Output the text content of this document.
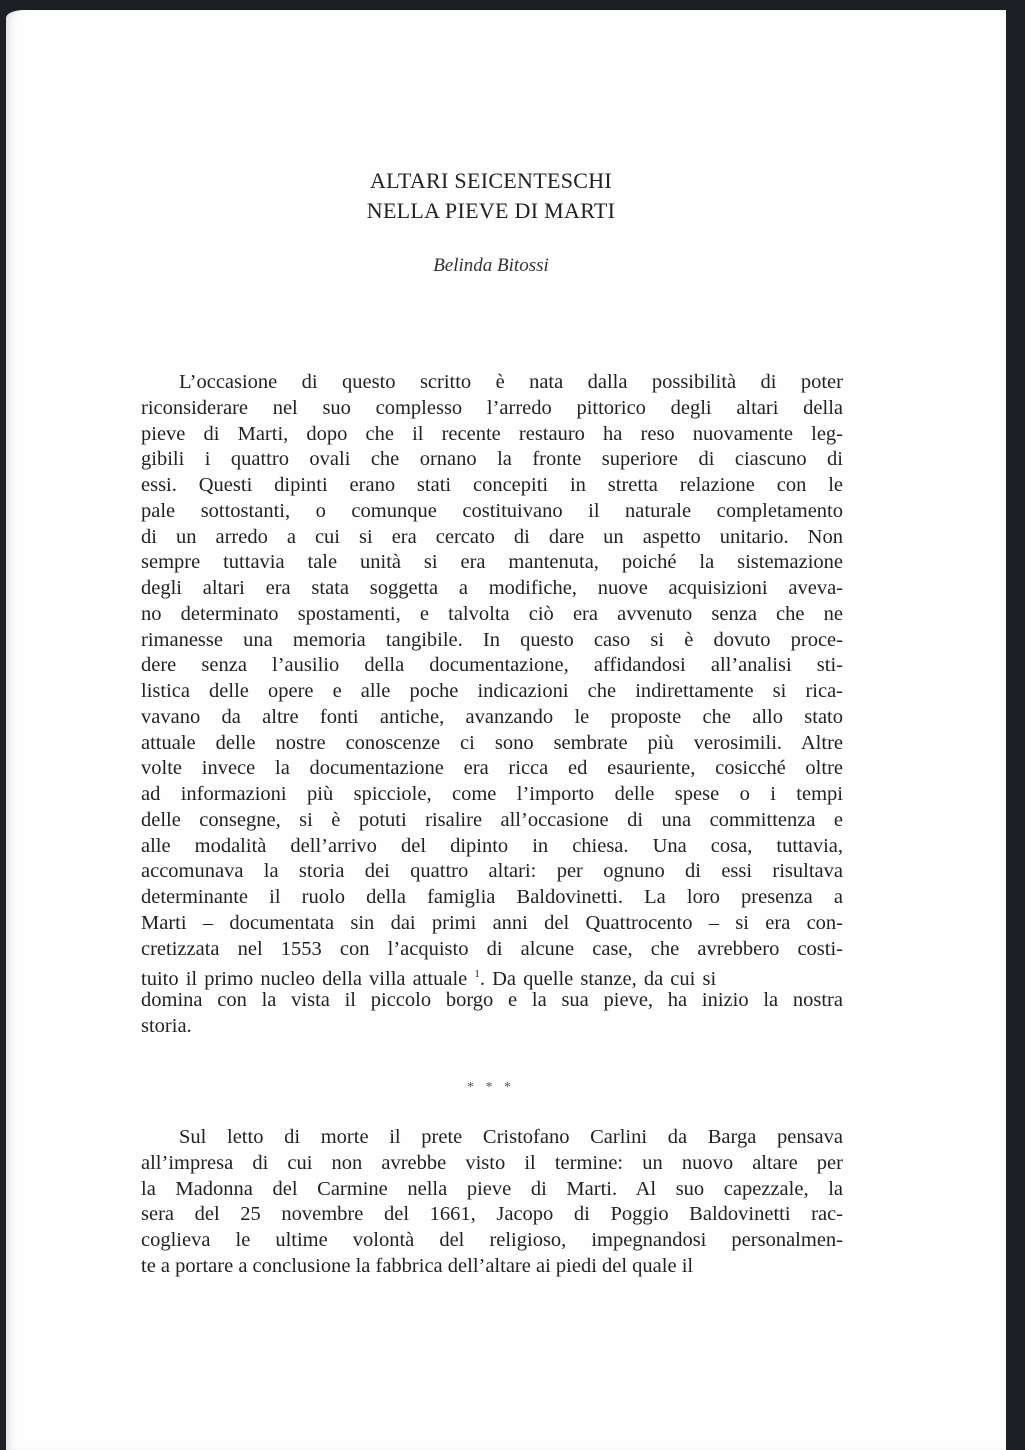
ALTARI SEICENTESCHI
NELLA PIEVE DI MARTI
Belinda Bitossi
L’occasione di questo scritto è nata dalla possibilità di poter
riconsiderare nel suo complesso l’arredo pittorico degli altari della
pieve di Marti, dopo che il recente restauro ha reso nuovamente leg-
gibili i quattro ovali che ornano la fronte superiore di ciascuno di
essi. Questi dipinti erano stati concepiti in stretta relazione con le
pale sottostanti, o comunque costituivano il naturale completamento
di un arredo a cui si era cercato di dare un aspetto unitario. Non
sempre tuttavia tale unità si era mantenuta, poiché la sistemazione
degli altari era stata soggetta a modifiche, nuove acquisizioni aveva-
no determinato spostamenti, e talvolta ciò era avvenuto senza che ne
rimanesse una memoria tangibile. In questo caso si è dovuto proce-
dere senza l’ausilio della documentazione, affidandosi all’analisi sti-
listica delle opere e alle poche indicazioni che indirettamente si rica-
vavano da altre fonti antiche, avanzando le proposte che allo stato
attuale delle nostre conoscenze ci sono sembrate più verosimili. Altre
volte invece la documentazione era ricca ed esauriente, cosicché oltre
ad informazioni più spicciole, come l’importo delle spese o i tempi
delle consegne, si è potuti risalire all’occasione di una committenza e
alle modalità dell’arrivo del dipinto in chiesa. Una cosa, tuttavia,
accomunava la storia dei quattro altari: per ognuno di essi risultava
determinante il ruolo della famiglia Baldovinetti. La loro presenza a
Marti – documentata sin dai primi anni del Quattrocento – si era con-
cretizzata nel 1553 con l’acquisto di alcune case, che avrebbero costi-
tuito il primo nucleo della villa attuale $^1$. Da quelle stanze, da cui si
domina con la vista il piccolo borgo e la sua pieve, ha inizio la nostra
storia.
* * *
Sul letto di morte il prete Cristofano Carlini da Barga pensava
all’impresa di cui non avrebbe visto il termine: un nuovo altare per
la Madonna del Carmine nella pieve di Marti. Al suo capezzale, la
sera del 25 novembre del 1661, Jacopo di Poggio Baldovinetti rac-
coglieva le ultime volontà del religioso, impegnandosi personalmen-
te a portare a conclusione la fabbrica dell’altare ai piedi del quale il
